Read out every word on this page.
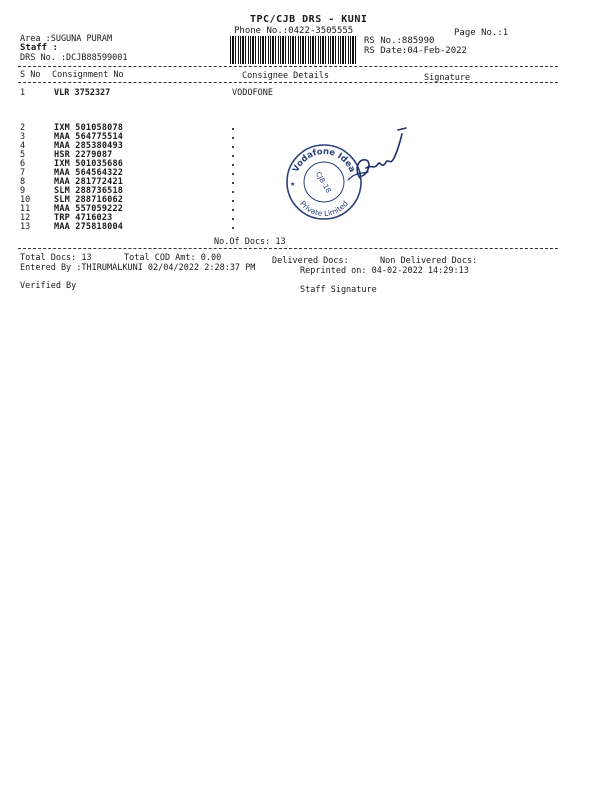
TPC/CJB DRS - KUNI
Phone No.:0422-3505555	Page No.:1
Area :SUGUNA PURAM
Staff :
DRS No. :DCJB88599001
RS No.:885990
RS Date:04-Feb-2022
S No Consignment No	Consignee Details	Signature
1	VLR 3752327	VODOFONE
2	IXM 501058078
3	MAA 564775514
4	MAA 285380493
5	HSR 2279087
6	IXM 501035686
7	MAA 564564322
8	MAA 281772421
9	SLM 288736518
10	SLM 288716062
11	MAA 557059222
12	TRP 4716023
13	MAA 275818004
Vodafone Idea
Private Limited
CJB-18
★
No.Of Docs: 13
Total Docs: 13	Total COD Amt: 0.00	Delivered Docs:	Non Delivered Docs:
Entered By :THIRUMALKUNI 02/04/2022 2:28:37 PM	Reprinted on: 04-02-2022 14:29:13
Verified By	Staff Signature
